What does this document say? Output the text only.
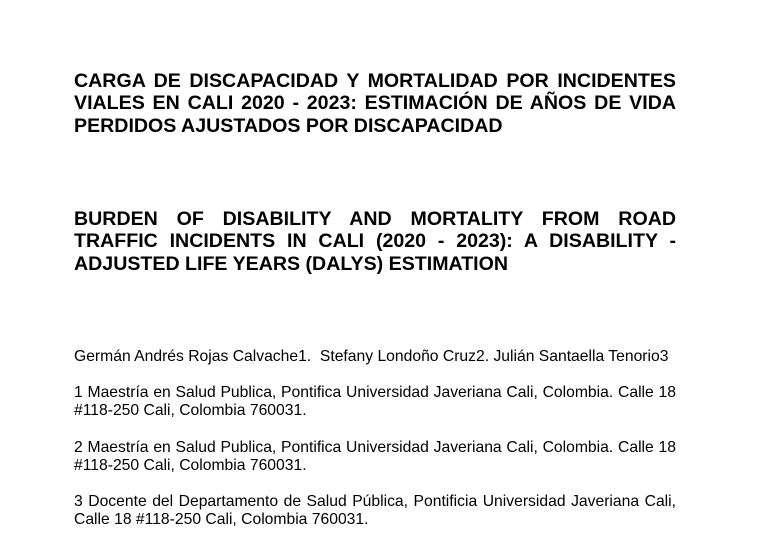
CARGA DE DISCAPACIDAD Y MORTALIDAD POR INCIDENTES
VIALES EN CALI 2020 - 2023: ESTIMACIÓN DE AÑOS DE VIDA
PERDIDOS AJUSTADOS POR DISCAPACIDAD
BURDEN OF DISABILITY AND MORTALITY FROM ROAD
TRAFFIC INCIDENTS IN CALI (2020 - 2023): A DISABILITY -
ADJUSTED LIFE YEARS (DALYS) ESTIMATION
Germán Andrés Rojas Calvache1.  Stefany Londoño Cruz2. Julián Santaella Tenorio3
1 Maestría en Salud Publica, Pontifica Universidad Javeriana Cali, Colombia. Calle 18
#118-250 Cali, Colombia 760031.
2 Maestría en Salud Publica, Pontifica Universidad Javeriana Cali, Colombia. Calle 18
#118-250 Cali, Colombia 760031.
3 Docente del Departamento de Salud Pública, Pontificia Universidad Javeriana Cali,
Calle 18 #118-250 Cali, Colombia 760031.
